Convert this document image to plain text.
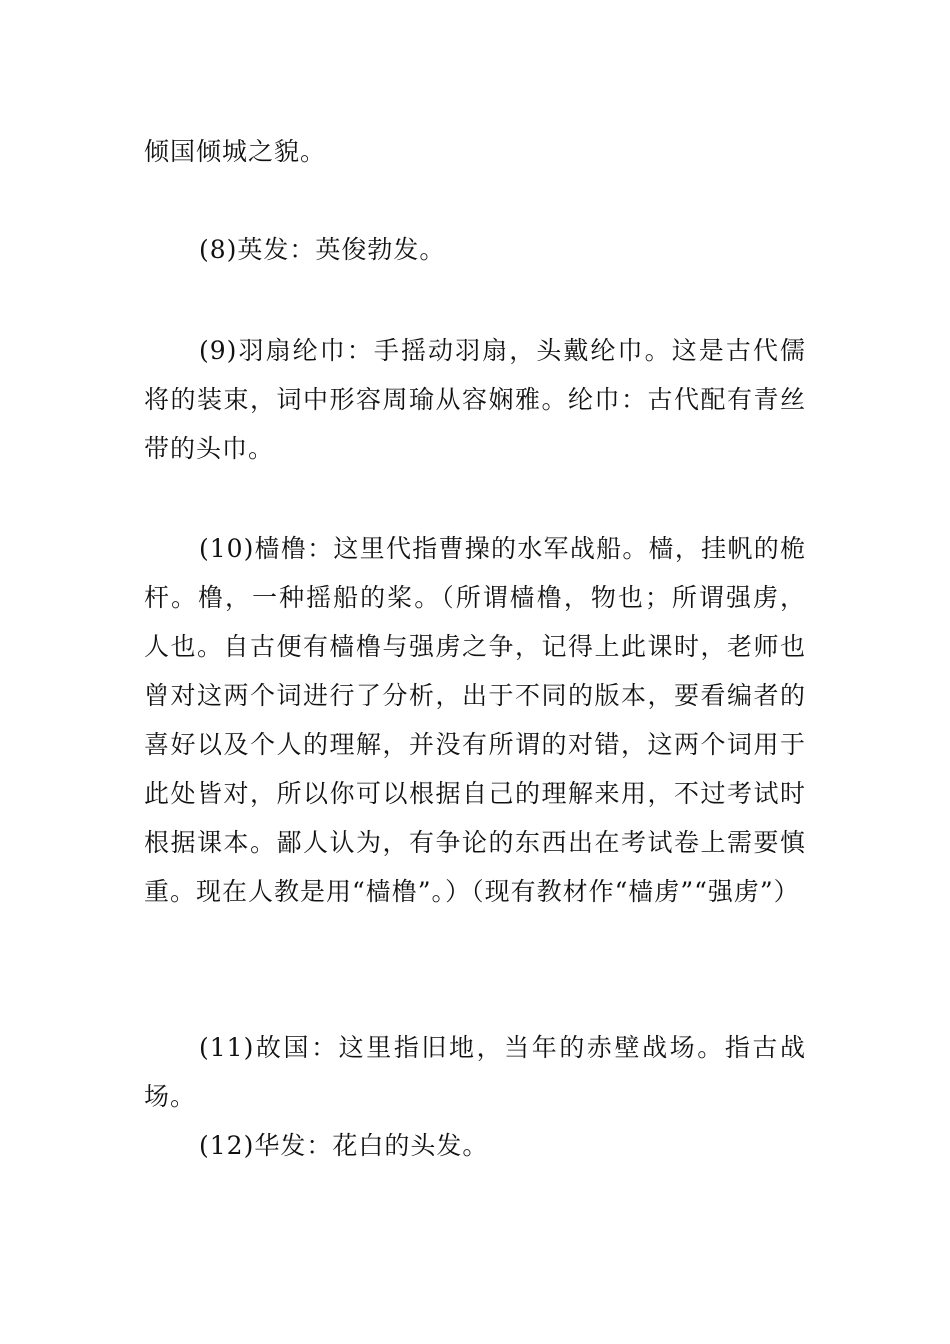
倾国倾城之貌。

(8)英发：英俊勃发。

(9)羽扇纶巾：手摇动羽扇，头戴纶巾。这是古代儒将的装束，词中形容周瑜从容娴雅。纶巾：古代配有青丝带的头巾。

(10)樯橹：这里代指曹操的水军战船。樯，挂帆的桅杆。橹，一种摇船的桨。（所谓樯橹，物也；所谓强虏，人也。自古便有樯橹与强虏之争，记得上此课时，老师也曾对这两个词进行了分析，出于不同的版本，要看编者的喜好以及个人的理解，并没有所谓的对错，这两个词用于此处皆对，所以你可以根据自己的理解来用，不过考试时根据课本。鄙人认为，有争论的东西出在考试卷上需要慎重。现在人教是用“樯橹”。）（现有教材作“樯虏”“强虏”）

(11)故国：这里指旧地，当年的赤壁战场。指古战场。

(12)华发：花白的头发。
